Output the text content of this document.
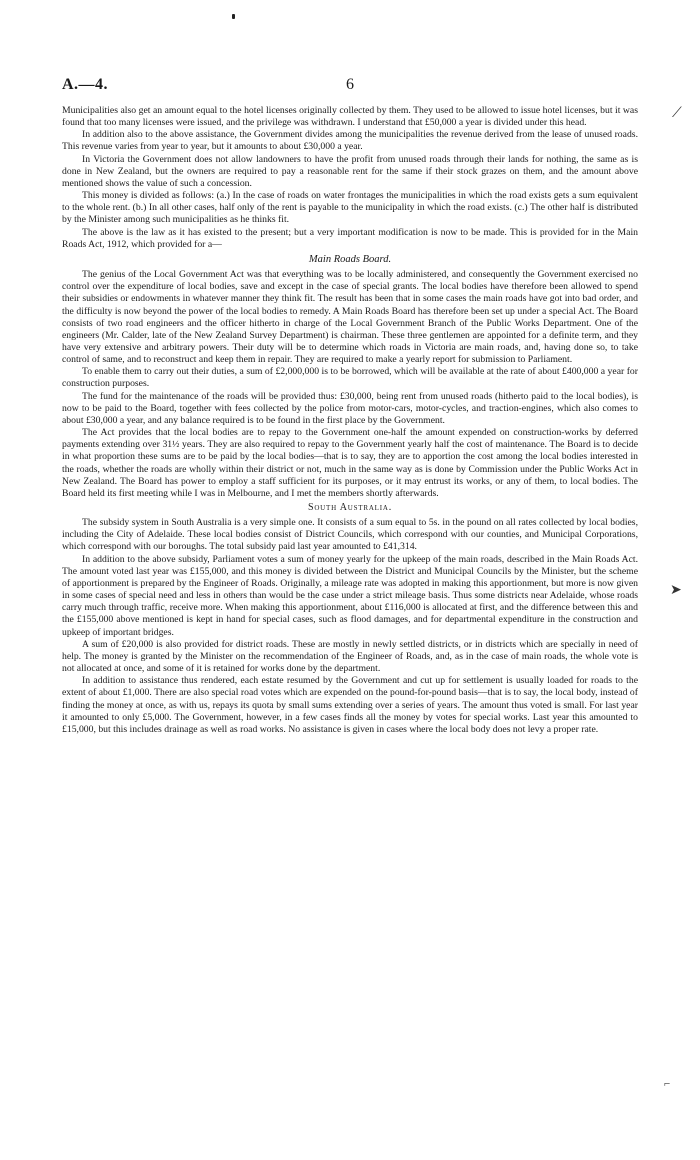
6
A.—4.
⟋
➤
⌐

Municipalities also get an amount equal to the hotel licenses originally collected by them. They used to be allowed to issue hotel licenses, but it was found that too many licenses were issued, and the privilege was withdrawn. I understand that £50,000 a year is divided under this head.

In addition also to the above assistance, the Government divides among the municipalities the revenue derived from the lease of unused roads. This revenue varies from year to year, but it amounts to about £30,000 a year.

In Victoria the Government does not allow landowners to have the profit from unused roads through their lands for nothing, the same as is done in New Zealand, but the owners are required to pay a reasonable rent for the same if their stock grazes on them, and the amount above mentioned shows the value of such a concession.

This money is divided as follows: (a.) In the case of roads on water frontages the municipalities in which the road exists gets a sum equivalent to the whole rent. (b.) In all other cases, half only of the rent is payable to the municipality in which the road exists. (c.) The other half is distributed by the Minister among such municipalities as he thinks fit.

The above is the law as it has existed to the present; but a very important modification is now to be made. This is provided for in the Main Roads Act, 1912, which provided for a—

Main Roads Board.

The genius of the Local Government Act was that everything was to be locally administered, and consequently the Government exercised no control over the expenditure of local bodies, save and except in the case of special grants. The local bodies have therefore been allowed to spend their subsidies or endowments in whatever manner they think fit. The result has been that in some cases the main roads have got into bad order, and the difficulty is now beyond the power of the local bodies to remedy. A Main Roads Board has therefore been set up under a special Act. The Board consists of two road engineers and the officer hitherto in charge of the Local Government Branch of the Public Works Department. One of the engineers (Mr. Calder, late of the New Zealand Survey Department) is chairman. These three gentlemen are appointed for a definite term, and they have very extensive and arbitrary powers. Their duty will be to determine which roads in Victoria are main roads, and, having done so, to take control of same, and to reconstruct and keep them in repair. They are required to make a yearly report for submission to Parliament.

To enable them to carry out their duties, a sum of £2,000,000 is to be borrowed, which will be available at the rate of about £400,000 a year for construction purposes.

The fund for the maintenance of the roads will be provided thus: £30,000, being rent from unused roads (hitherto paid to the local bodies), is now to be paid to the Board, together with fees collected by the police from motor-cars, motor-cycles, and traction-engines, which also comes to about £30,000 a year, and any balance required is to be found in the first place by the Government.

The Act provides that the local bodies are to repay to the Government one-half the amount expended on construction-works by deferred payments extending over 31½ years. They are also required to repay to the Government yearly half the cost of maintenance. The Board is to decide in what proportion these sums are to be paid by the local bodies—that is to say, they are to apportion the cost among the local bodies interested in the roads, whether the roads are wholly within their district or not, much in the same way as is done by Commission under the Public Works Act in New Zealand. The Board has power to employ a staff sufficient for its purposes, or it may entrust its works, or any of them, to local bodies. The Board held its first meeting while I was in Melbourne, and I met the members shortly afterwards.

South Australia.

The subsidy system in South Australia is a very simple one. It consists of a sum equal to 5s. in the pound on all rates collected by local bodies, including the City of Adelaide. These local bodies consist of District Councils, which correspond with our counties, and Municipal Corporations, which correspond with our boroughs. The total subsidy paid last year amounted to £41,314.

In addition to the above subsidy, Parliament votes a sum of money yearly for the upkeep of the main roads, described in the Main Roads Act. The amount voted last year was £155,000, and this money is divided between the District and Municipal Councils by the Minister, but the scheme of apportionment is prepared by the Engineer of Roads. Originally, a mileage rate was adopted in making this apportionment, but more is now given in some cases of special need and less in others than would be the case under a strict mileage basis. Thus some districts near Adelaide, whose roads carry much through traffic, receive more. When making this apportionment, about £116,000 is allocated at first, and the difference between this and the £155,000 above mentioned is kept in hand for special cases, such as flood damages, and for departmental expenditure in the construction and upkeep of important bridges.

A sum of £20,000 is also provided for district roads. These are mostly in newly settled districts, or in districts which are specially in need of help. The money is granted by the Minister on the recommendation of the Engineer of Roads, and, as in the case of main roads, the whole vote is not allocated at once, and some of it is retained for works done by the department.

In addition to assistance thus rendered, each estate resumed by the Government and cut up for settlement is usually loaded for roads to the extent of about £1,000. There are also special road votes which are expended on the pound-for-pound basis—that is to say, the local body, instead of finding the money at once, as with us, repays its quota by small sums extending over a series of years. The amount thus voted is small. For last year it amounted to only £5,000. The Government, however, in a few cases finds all the money by votes for special works. Last year this amounted to £15,000, but this includes drainage as well as road works. No assistance is given in cases where the local body does not levy a proper rate.
